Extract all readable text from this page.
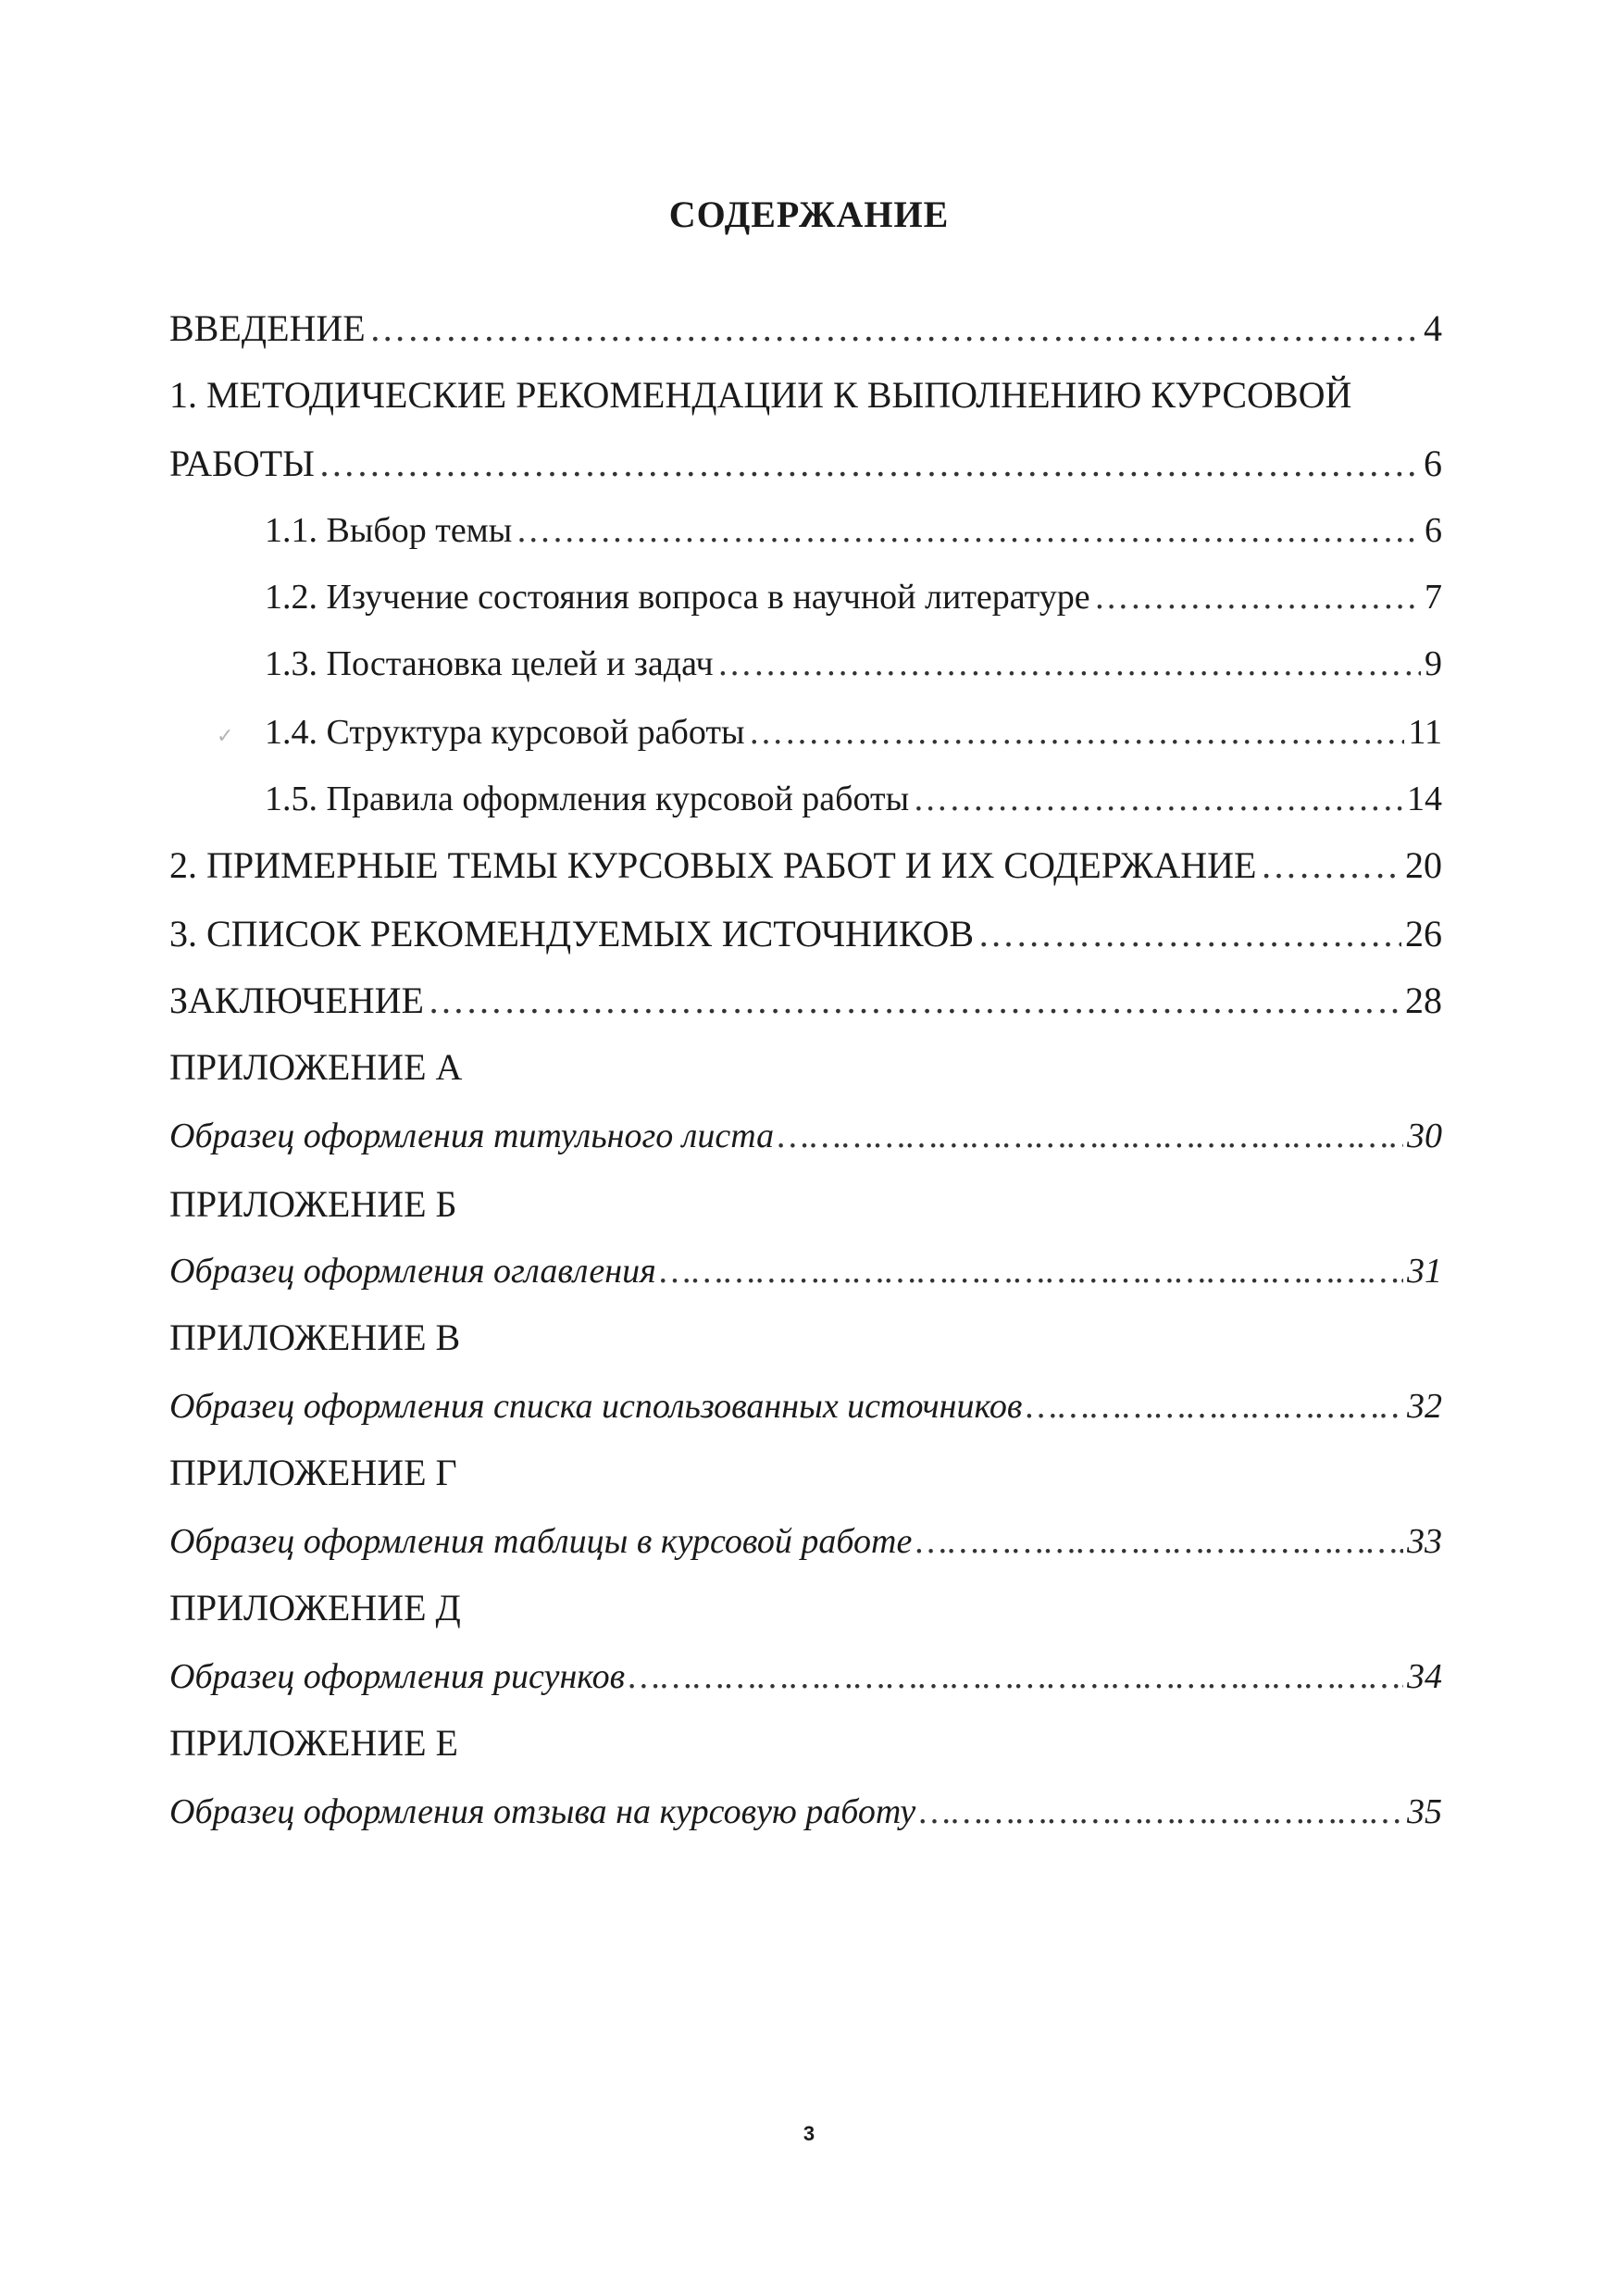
СОДЕРЖАНИЕ
ВВЕДЕНИЕ ………………………………………………………………………………………………………………………………………………………………………………	4
1. МЕТОДИЧЕСКИЕ РЕКОМЕНДАЦИИ К ВЫПОЛНЕНИЮ КУРСОВОЙ
РАБОТЫ ………………………………………………………………………………………………………………………………………………………………………………	6
1.1. Выбор темы ………………………………………………………………………………………………………………………………………………………………………………	6
1.2. Изучение состояния вопроса в научной литературе ………………………………………………………………………………………………………………………………………………………………………………	7
1.3. Постановка целей и задач ………………………………………………………………………………………………………………………………………………………………………………	9
✓ 1.4. Структура курсовой работы ………………………………………………………………………………………………………………………………………………………………………………	11
1.5. Правила оформления курсовой работы ………………………………………………………………………………………………………………………………………………………………………………	14
2. ПРИМЕРНЫЕ ТЕМЫ КУРСОВЫХ РАБОТ И ИХ СОДЕРЖАНИЕ ………………………………………………………………………………………………………………………………………………………………………………	20
3. СПИСОК РЕКОМЕНДУЕМЫХ ИСТОЧНИКОВ ………………………………………………………………………………………………………………………………………………………………………………	26
ЗАКЛЮЧЕНИЕ ………………………………………………………………………………………………………………………………………………………………………………	28
ПРИЛОЖЕНИЕ А
Образец оформления титульного листа ………………………………………………………………………………………………………………………………………………………………………………	30
ПРИЛОЖЕНИЕ Б
Образец оформления оглавления ………………………………………………………………………………………………………………………………………………………………………………	31
ПРИЛОЖЕНИЕ В
Образец оформления списка использованных источников ………………………………………………………………………………………………………………………………………………………………………………	32
ПРИЛОЖЕНИЕ Г
Образец оформления таблицы в курсовой работе ………………………………………………………………………………………………………………………………………………………………………………	33
ПРИЛОЖЕНИЕ Д
Образец оформления рисунков ………………………………………………………………………………………………………………………………………………………………………………	34
ПРИЛОЖЕНИЕ Е
Образец оформления отзыва на курсовую работу ………………………………………………………………………………………………………………………………………………………………………………	35
3
